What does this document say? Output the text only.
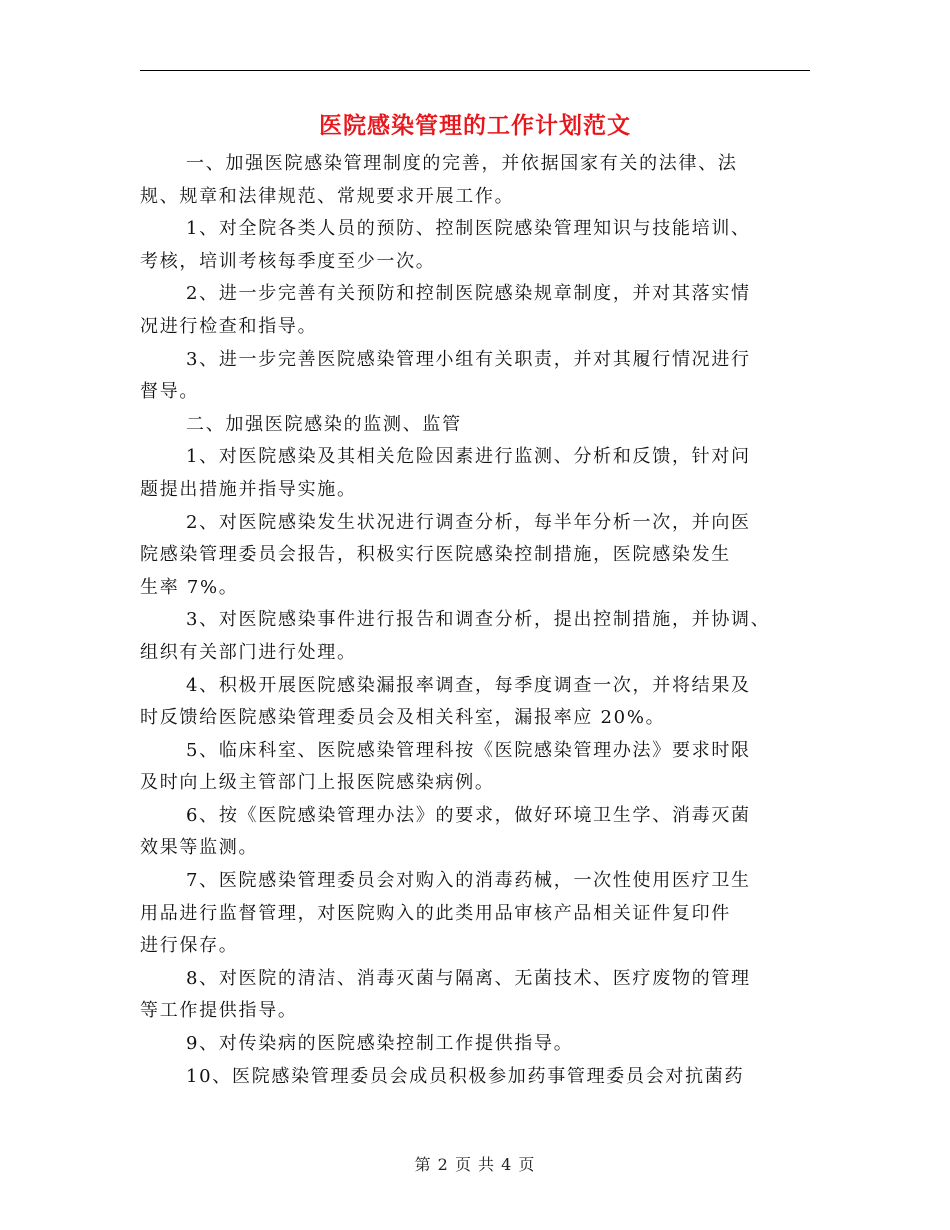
医院感染管理的工作计划范文

一、加强医院感染管理制度的完善，并依据国家有关的法律、法
规、规章和法律规范、常规要求开展工作。

1、对全院各类人员的预防、控制医院感染管理知识与技能培训、
考核，培训考核每季度至少一次。

2、进一步完善有关预防和控制医院感染规章制度，并对其落实情
况进行检查和指导。

3、进一步完善医院感染管理小组有关职责，并对其履行情况进行
督导。

二、加强医院感染的监测、监管

1、对医院感染及其相关危险因素进行监测、分析和反馈，针对问
题提出措施并指导实施。

2、对医院感染发生状况进行调查分析，每半年分析一次，并向医
院感染管理委员会报告，积极实行医院感染控制措施，医院感染发生
生率 7%。

3、对医院感染事件进行报告和调查分析，提出控制措施，并协调、
组织有关部门进行处理。

4、积极开展医院感染漏报率调查，每季度调查一次，并将结果及
时反馈给医院感染管理委员会及相关科室，漏报率应 20%。

5、临床科室、医院感染管理科按《医院感染管理办法》要求时限
及时向上级主管部门上报医院感染病例。

6、按《医院感染管理办法》的要求，做好环境卫生学、消毒灭菌
效果等监测。

7、医院感染管理委员会对购入的消毒药械，一次性使用医疗卫生
用品进行监督管理，对医院购入的此类用品审核产品相关证件复印件
进行保存。

8、对医院的清洁、消毒灭菌与隔离、无菌技术、医疗废物的管理
等工作提供指导。

9、对传染病的医院感染控制工作提供指导。

10、医院感染管理委员会成员积极参加药事管理委员会对抗菌药

第 2 页 共 4 页
